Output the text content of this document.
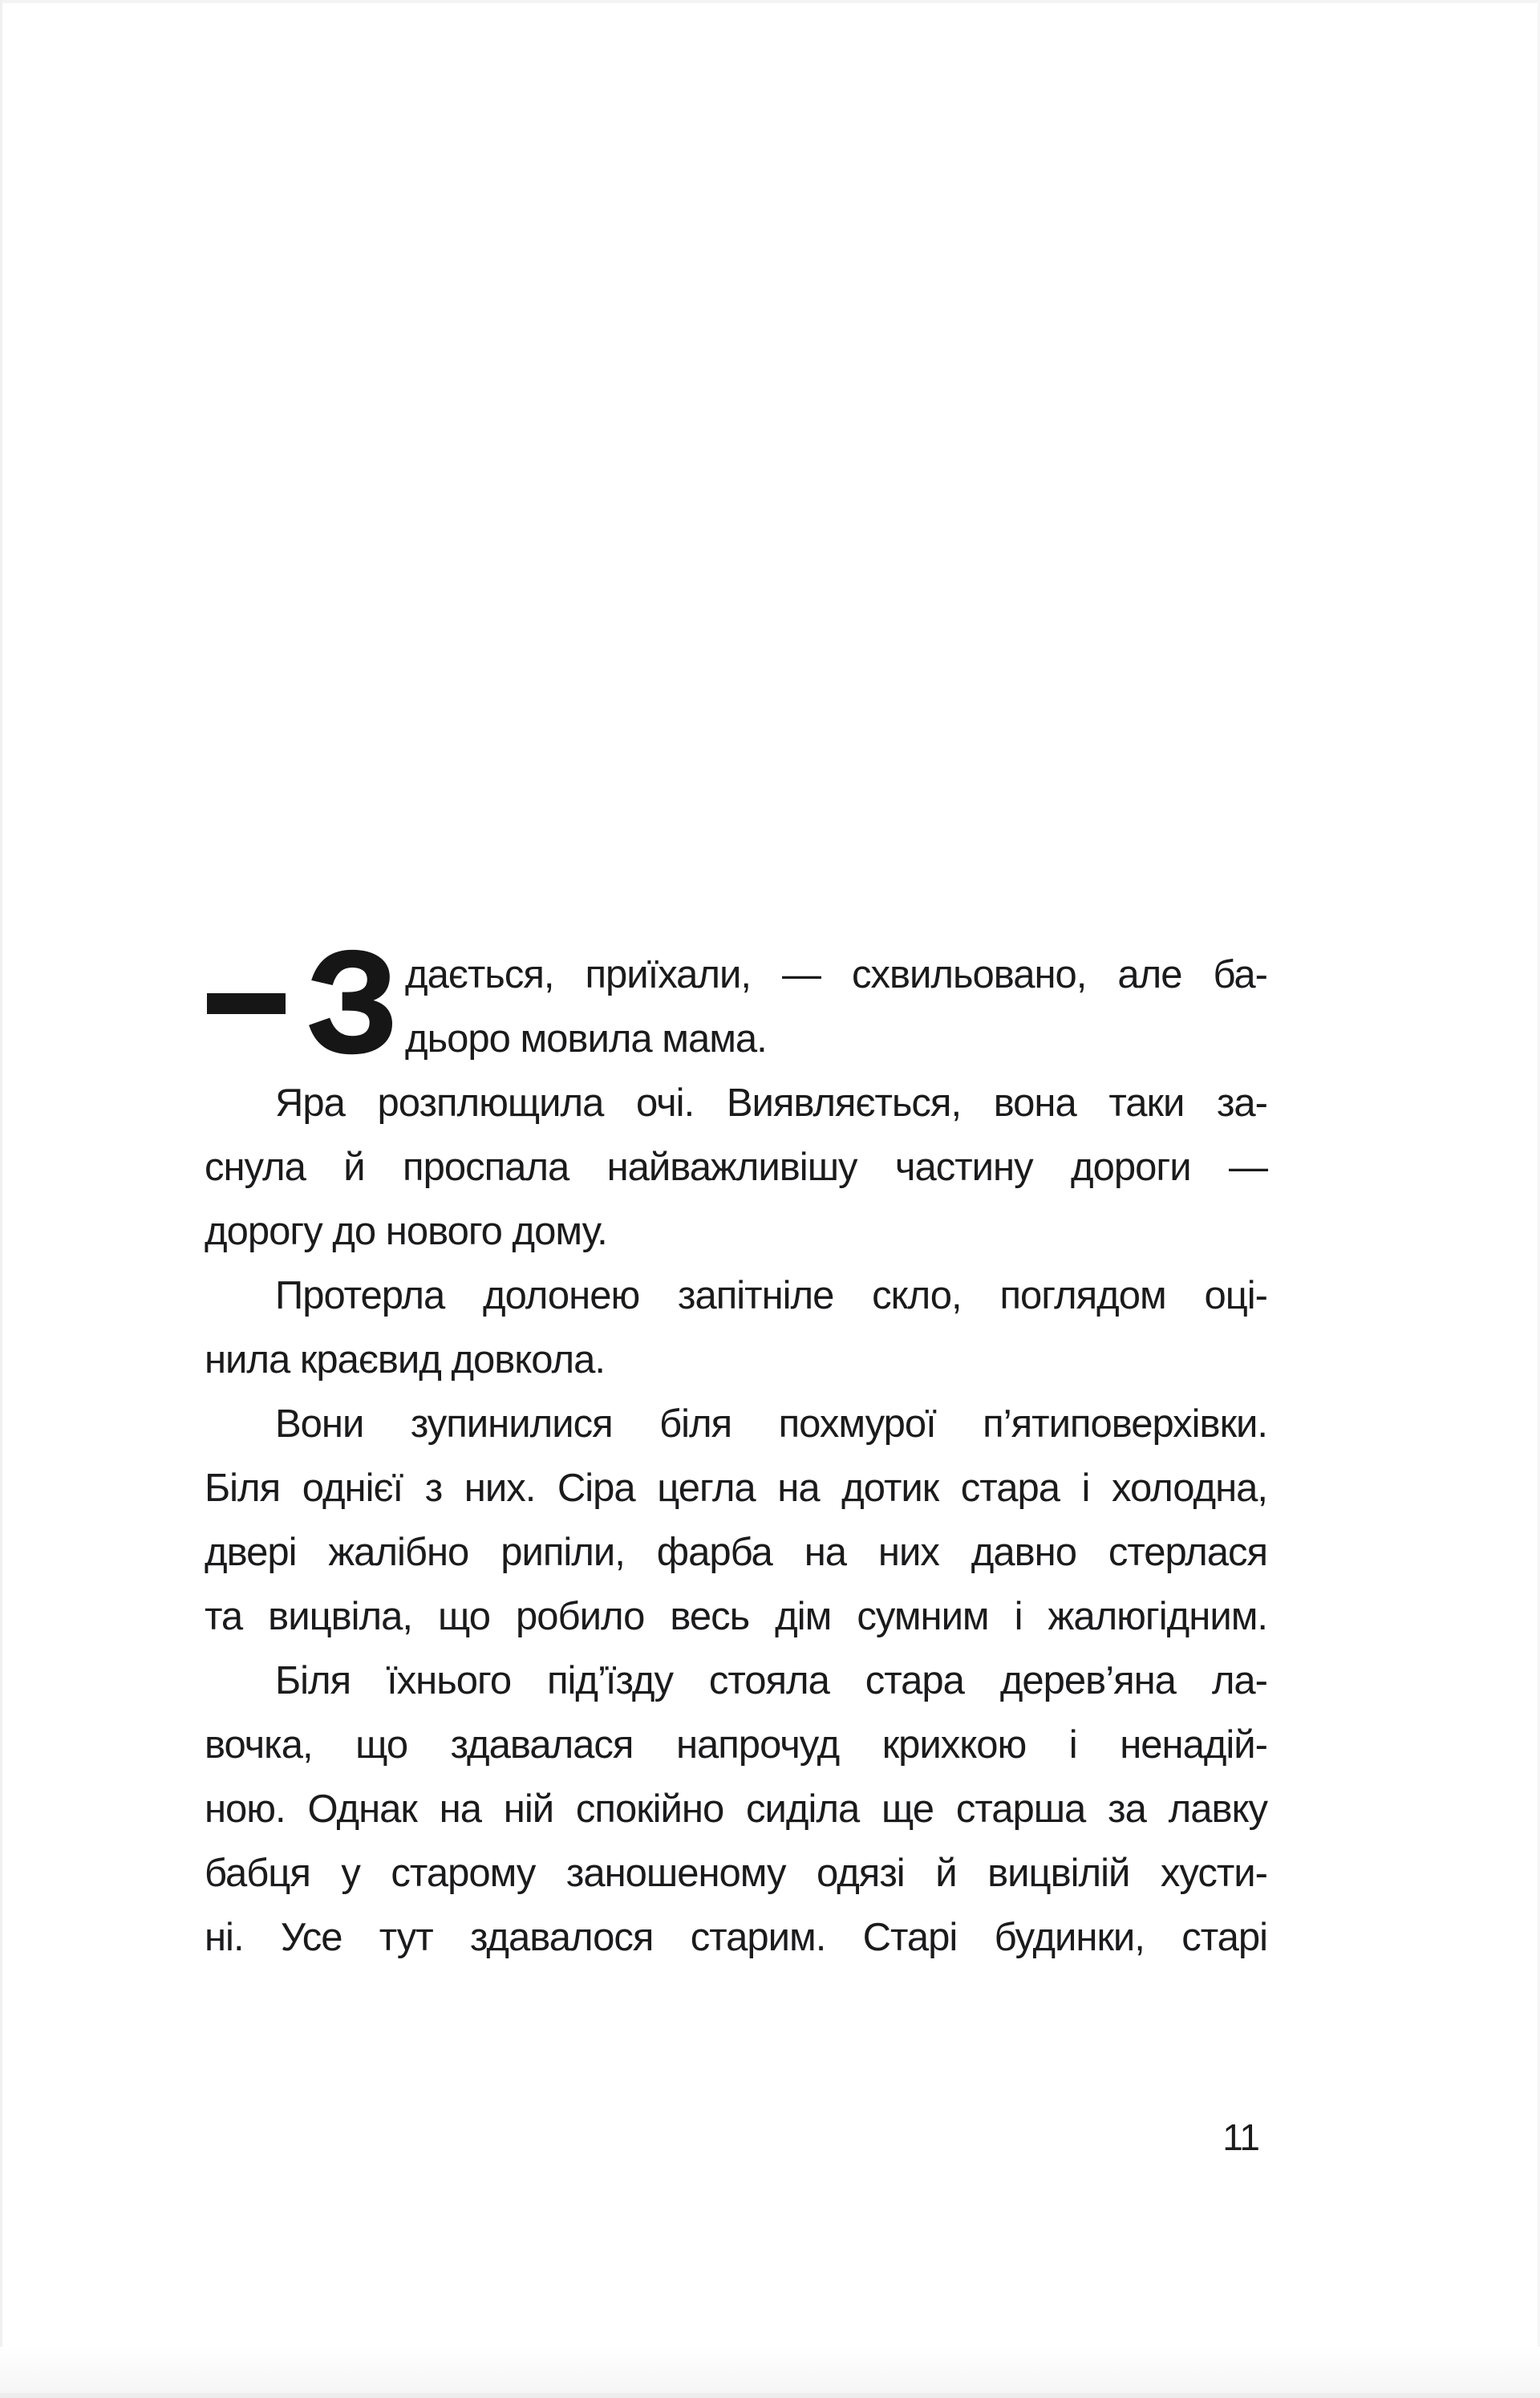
З дається, приїхали, — схвильовано, але ба-
дьоро мовила мама.
Яра розплющила очі. Виявляється, вона таки за-
снула й проспала найважливішу частину дороги —
дорогу до нового дому.
Протерла долонею запітніле скло, поглядом оці-
нила краєвид довкола.
Вони зупинилися біля похмурої п’ятиповерхівки.
Біля однієї з них. Сіра цегла на дотик стара і холодна,
двері жалібно рипіли, фарба на них давно стерлася
та вицвіла, що робило весь дім сумним і жалюгідним.
Біля їхнього під’їзду стояла стара дерев’яна ла-
вочка, що здавалася напрочуд крихкою і ненадій-
ною. Однак на ній спокійно сиділа ще старша за лавку
бабця у старому заношеному одязі й вицвілій хусти-
ні. Усе тут здавалося старим. Старі будинки, старі
11
